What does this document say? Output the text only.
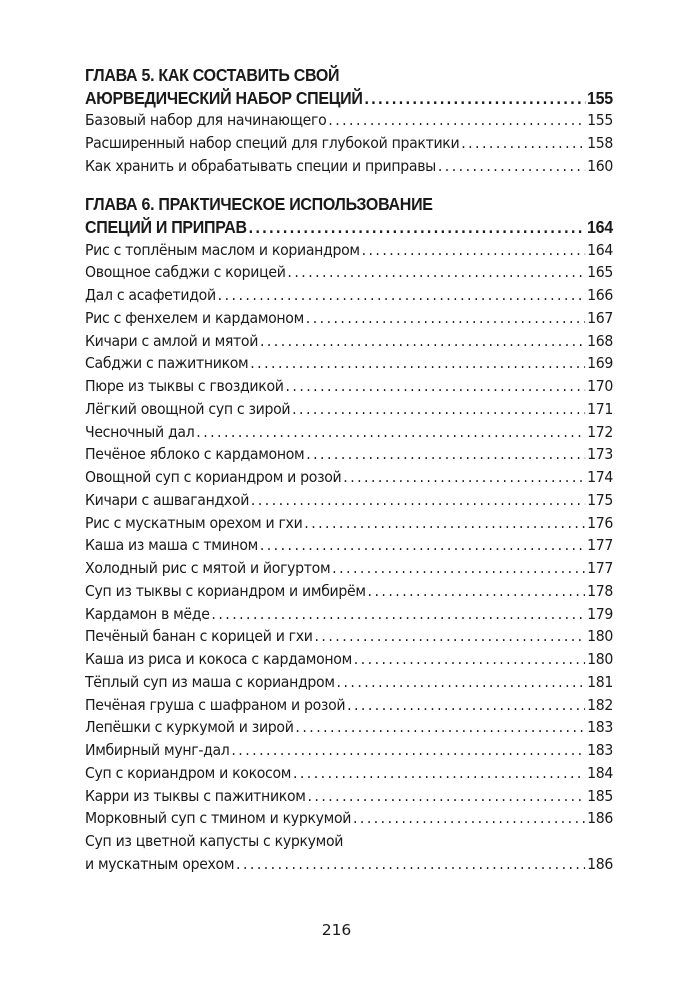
ГЛАВА 5. КАК СОСТАВИТЬ СВОЙ
АЮРВЕДИЧЕСКИЙ НАБОР СПЕЦИЙ .....	155
Базовый набор для начинающего .....	155
Расширенный набор специй для глубокой практики .....	158
Как хранить и обрабатывать специи и приправы .....	160
ГЛАВА 6. ПРАКТИЧЕСКОЕ ИСПОЛЬЗОВАНИЕ
СПЕЦИЙ И ПРИПРАВ .....	164
Рис с топлёным маслом и кориандром .....	164
Овощное сабджи с корицей .....	165
Дал с асафетидой .....	166
Рис с фенхелем и кардамоном .....	167
Кичари с амлой и мятой .....	168
Сабджи с пажитником .....	169
Пюре из тыквы с гвоздикой .....	170
Лёгкий овощной суп с зирой .....	171
Чесночный дал .....	172
Печёное яблоко с кардамоном .....	173
Овощной суп с кориандром и розой .....	174
Кичари с ашвагандхой .....	175
Рис с мускатным орехом и гхи .....	176
Каша из маша с тмином .....	177
Холодный рис с мятой и йогуртом .....	177
Суп из тыквы с кориандром и имбирём .....	178
Кардамон в мёде .....	179
Печёный банан с корицей и гхи .....	180
Каша из риса и кокоса с кардамоном .....	180
Тёплый суп из маша с кориандром .....	181
Печёная груша с шафраном и розой .....	182
Лепёшки с куркумой и зирой .....	183
Имбирный мунг-дал .....	183
Суп с кориандром и кокосом .....	184
Карри из тыквы с пажитником .....	185
Морковный суп с тмином и куркумой .....	186
Суп из цветной капусты с куркумой
и мускатным орехом .....	186
216
